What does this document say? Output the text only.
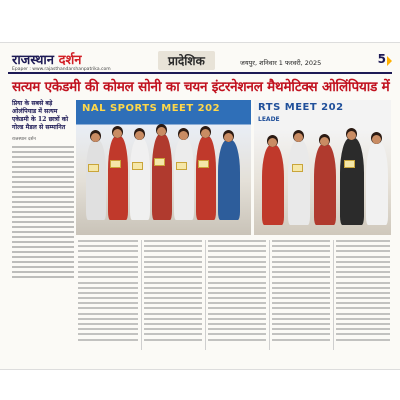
राजस्थान दर्शन
Epaper : www.rajasthandarshanpatrika.com
प्रादेशिक	जयपुर, शनिवार 1 फरवरी, 2025	5
सत्यम एकेडमी की कोमल सोनी का चयन इंटरनेशनल मैथमेटिक्स ओलिंपियाड में
प्रिया के सबसे बड़े ओलंपियाड में सत्यम एकेडमी के 12 छात्रों को गोल्ड मैडल से सम्मानित
राजस्थान दर्शन
NAL SPORTS MEET 202	RTS MEET 202
LEADE
